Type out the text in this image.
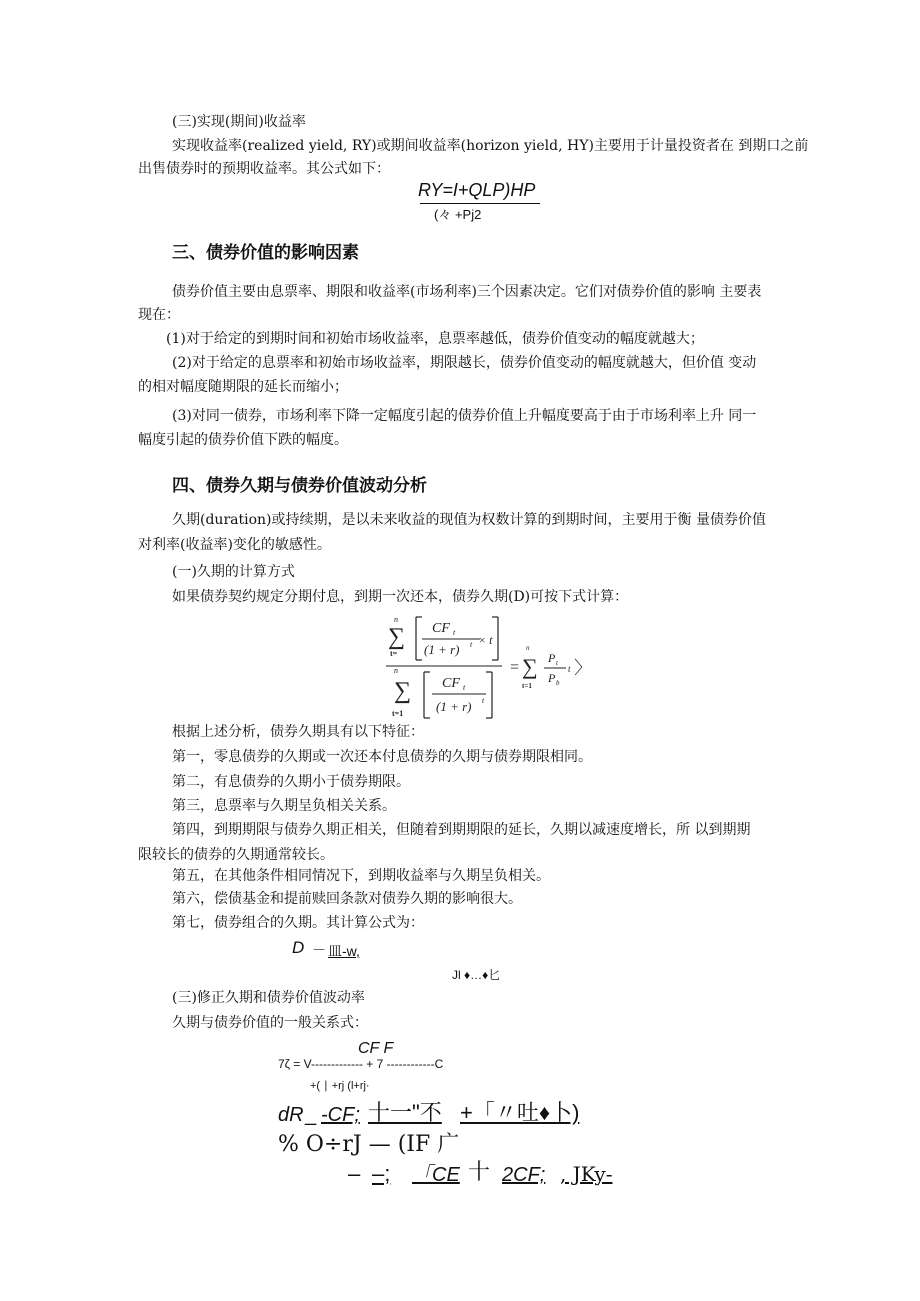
(三)实现(期间)收益率
实现收益率(realized yield, RY)或期间收益率(horizon yield, HY)主要用于计量投资者在 到期口之前
出售债券时的预期收益率。其公式如下：
RY=I+QLP)HP
(々 +Pj2
三、债券价值的影响因素
债券价值主要由息票率、期限和收益率(市场利率)三个因素决定。它们对债券价值的影响 主要表
现在：
(1)对于给定的到期时间和初始市场收益率，息票率越低，债券价值变动的幅度就越大；
(2)对于给定的息票率和初始市场收益率，期限越长，债券价值变动的幅度就越大，但价值 变动
的相对幅度随期限的延长而缩小；
(3)对同一债券，市场利率下降一定幅度引起的债券价值上升幅度要高于由于市场利率上升 同一
幅度引起的债券价值下跌的幅度。
四、债券久期与债券价值波动分析
久期(duration)或持续期，是以未来收益的现值为权数计算的到期时间，主要用于衡 量债券价值
对利率(收益率)变化的敏感性。
(一)久期的计算方式
如果债券契约规定分期付息，到期一次还本，债券久期(D)可按下式计算：
n
∑
t=
CF t
(1 + r) t × t
n
∑
t=1
CF t
(1 + r) t
=
n
∑
t=1
P t
P b
t 〉
根据上述分析，债券久期具有以下特征：
第一，零息债券的久期或一次还本付息债券的久期与债券期限相同。
第二，有息债券的久期小于债券期限。
第三，息票率与久期呈负相关关系。
第四，到期期限与债券久期正相关，但随着到期期限的延长，久期以减速度增长，所 以到期期
限较长的债券的久期通常较长。
第五，在其他条件相同情况下，到期收益率与久期呈负相关。
第六，偿债基金和提前赎回条款对债券久期的影响很大。
第七，债券组合的久期。其计算公式为：
D － 皿-w,
Jl ♦…♦匕
(三)修正久期和债券价值波动率
久期与债券价值的一般关系式：
CF F
7ζ = V------------- + 7 ------------C
+( ∣ +rj (l+rj·
dR _ -CF; 十一"不 +「〃吐♦卜)
% O÷rJ — (IF 广
– –; 「CE 十 2CF; , JKy-
